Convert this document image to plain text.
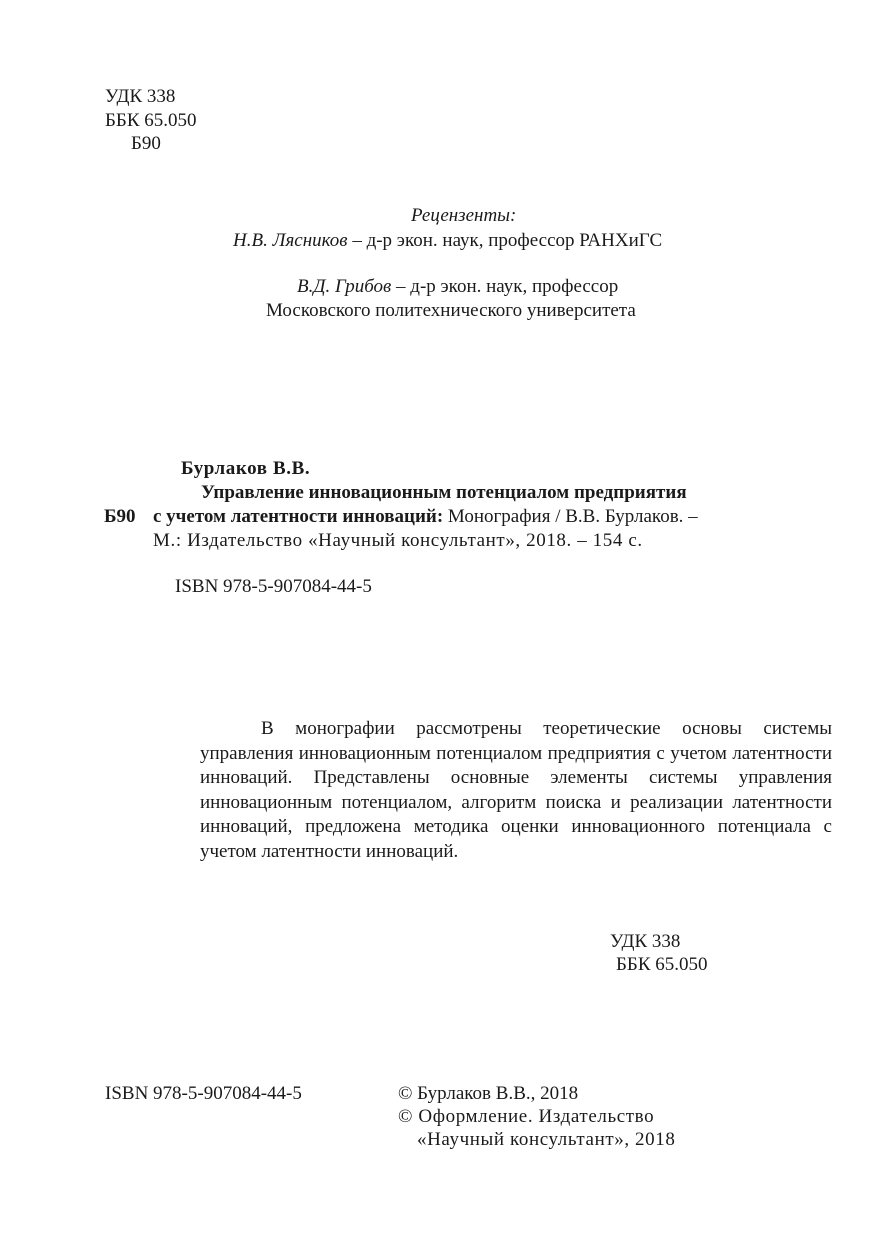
УДК 338
ББК 65.050
Б90
Рецензенты:
Н.В. Лясников – д-р экон. наук, профессор РАНХиГС
В.Д. Грибов – д-р экон. наук, профессор
Московского политехнического университета
Бурлаков В.В.
Управление инновационным потенциалом предприятия
Б90 с учетом латентности инноваций: Монография / В.В. Бурлаков. –
М.: Издательство «Научный консультант», 2018. – 154 с.
ISBN 978-5-907084-44-5

В монографии рассмотрены теоретические основы системы управления инновационным потенциалом предприятия с учетом латентности инноваций. Представлены основные элементы системы управления инновационным потенциалом, алгоритм поиска и реализации латентности инноваций, предложена методика оценки инновационного потенциала с учетом латентности инноваций.

УДК 338
ББК 65.050
ISBN 978-5-907084-44-5	© Бурлаков В.В., 2018
© Оформление. Издательство
«Научный консультант», 2018
